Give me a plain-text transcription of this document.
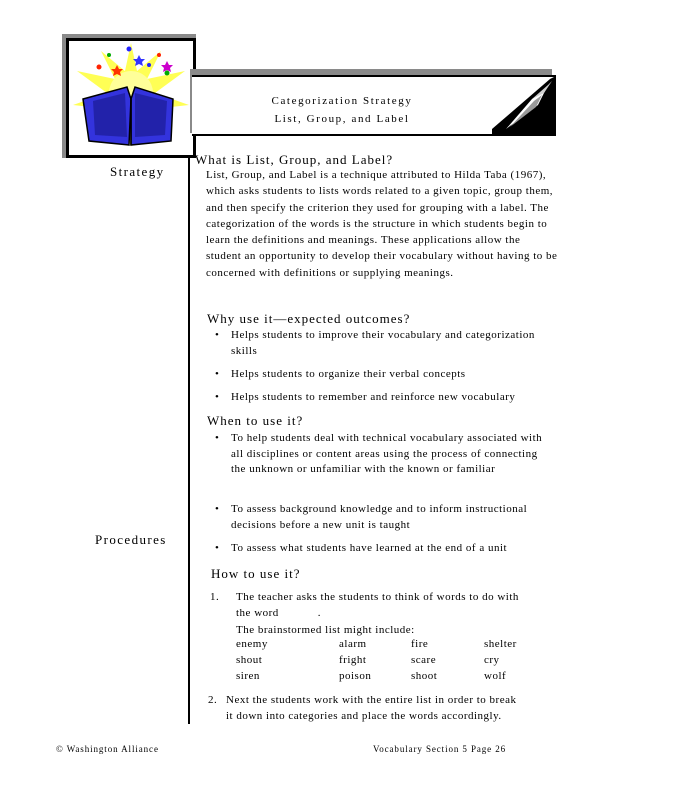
Categorization Strategy
List, Group, and Label
Strategy
Procedures
What is List, Group, and Label?
List, Group, and Label is a technique attributed to Hilda Taba (1967), which asks students to lists words related to a given topic, group them, and then specify the criterion they used for grouping with a label. The categorization of the words is the structure in which students begin to learn the definitions and meanings. These applications allow the student an opportunity to develop their vocabulary without having to be concerned with definitions or supplying meanings.
Why use it—expected outcomes?
• Helps students to improve their vocabulary and categorization skills
• Helps students to organize their verbal concepts
• Helps students to remember and reinforce new vocabulary
When to use it?
• To help students deal with technical vocabulary associated with all disciplines or content areas using the process of connecting the unknown or unfamiliar with the known or familiar
• To assess background knowledge and to inform instructional decisions before a new unit is taught
• To assess what students have learned at the end of a unit
How to use it?
1. The teacher asks the students to think of words to do with
the word            .
The brainstormed list might include:
enemy	alarm	fire	shelter
shout	fright	scare	cry
siren	poison	shoot	wolf
2. Next the students work with the entire list in order to break
it down into categories and place the words accordingly.
© Washington Alliance	Vocabulary Section 5 Page 26
